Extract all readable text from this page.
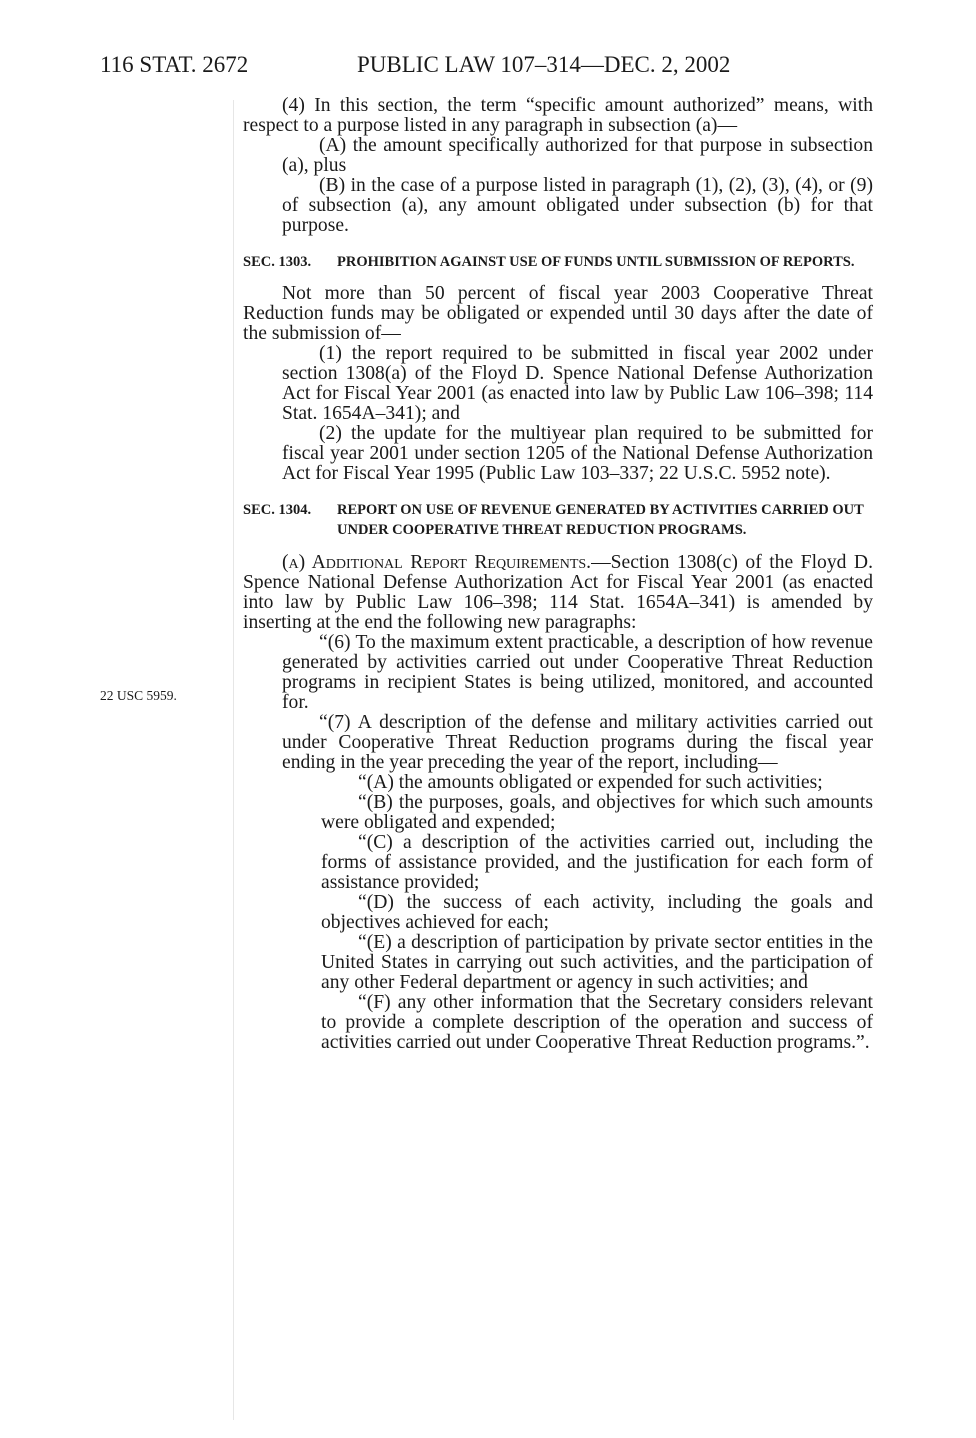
116 STAT. 2672	PUBLIC LAW 107–314—DEC. 2, 2002
22 USC 5959.

(4) In this section, the term “specific amount authorized” means, with respect to a purpose listed in any paragraph in subsection (a)—

(A) the amount specifically authorized for that purpose in subsection (a), plus

(B) in the case of a purpose listed in paragraph (1), (2), (3), (4), or (9) of subsection (a), any amount obligated under subsection (b) for that purpose.

SEC. 1303. PROHIBITION AGAINST USE OF FUNDS UNTIL SUBMISSION OF REPORTS.

Not more than 50 percent of fiscal year 2003 Cooperative Threat Reduction funds may be obligated or expended until 30 days after the date of the submission of—

(1) the report required to be submitted in fiscal year 2002 under section 1308(a) of the Floyd D. Spence National Defense Authorization Act for Fiscal Year 2001 (as enacted into law by Public Law 106–398; 114 Stat. 1654A–341); and

(2) the update for the multiyear plan required to be submitted for fiscal year 2001 under section 1205 of the National Defense Authorization Act for Fiscal Year 1995 (Public Law 103–337; 22 U.S.C. 5952 note).

SEC. 1304. REPORT ON USE OF REVENUE GENERATED BY ACTIVITIES CARRIED OUT UNDER COOPERATIVE THREAT REDUCTION PROGRAMS.

(a) Additional Report Requirements.—Section 1308(c) of the Floyd D. Spence National Defense Authorization Act for Fiscal Year 2001 (as enacted into law by Public Law 106–398; 114 Stat. 1654A–341) is amended by inserting at the end the following new paragraphs:

“(6) To the maximum extent practicable, a description of how revenue generated by activities carried out under Cooperative Threat Reduction programs in recipient States is being utilized, monitored, and accounted for.

“(7) A description of the defense and military activities carried out under Cooperative Threat Reduction programs during the fiscal year ending in the year preceding the year of the report, including—

“(A) the amounts obligated or expended for such activities;

“(B) the purposes, goals, and objectives for which such amounts were obligated and expended;

“(C) a description of the activities carried out, including the forms of assistance provided, and the justification for each form of assistance provided;

“(D) the success of each activity, including the goals and objectives achieved for each;

“(E) a description of participation by private sector entities in the United States in carrying out such activities, and the participation of any other Federal department or agency in such activities; and

“(F) any other information that the Secretary considers relevant to provide a complete description of the operation and success of activities carried out under Cooperative Threat Reduction programs.”.
